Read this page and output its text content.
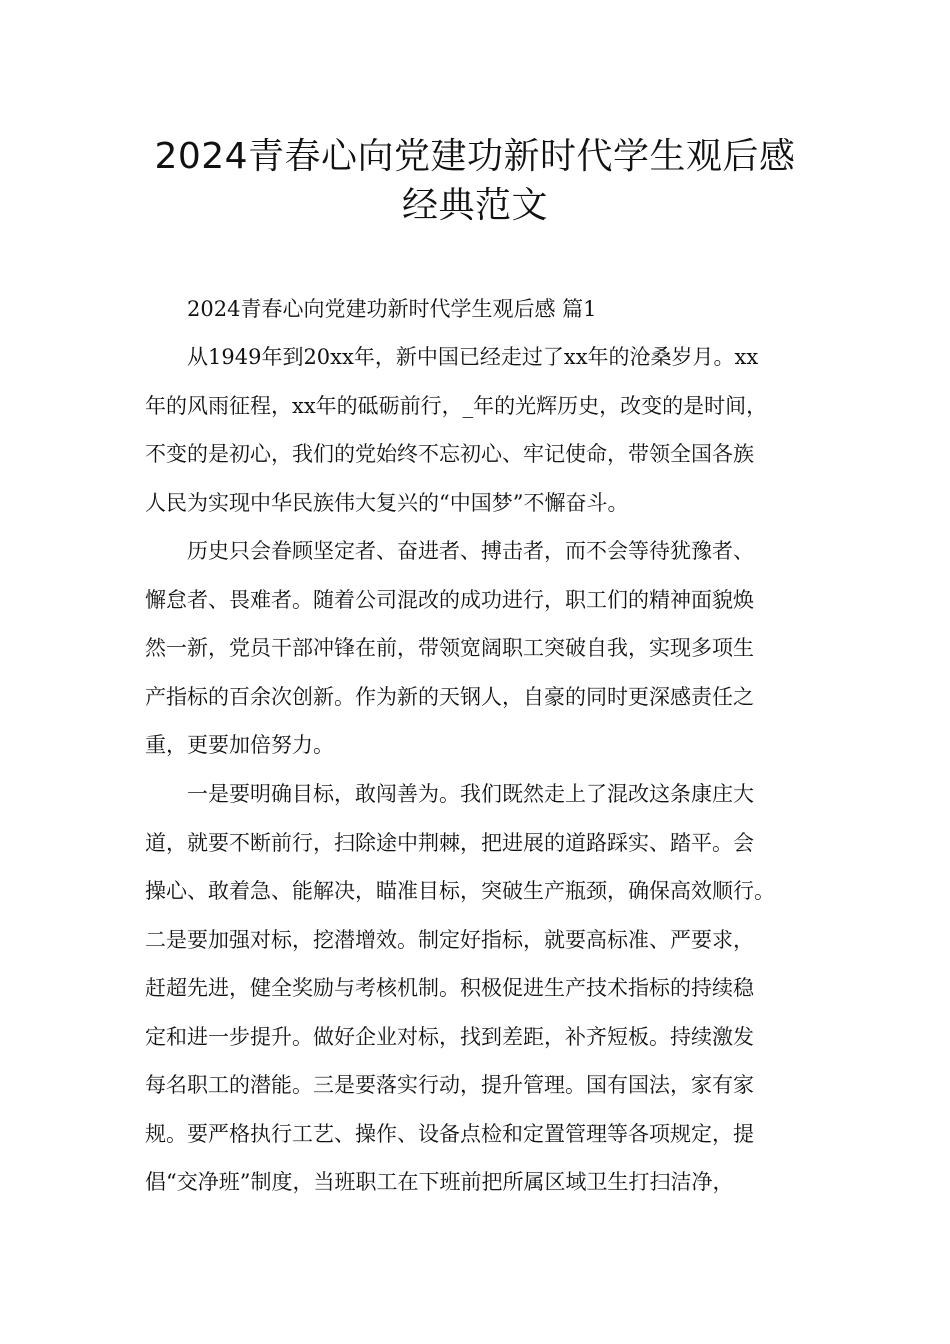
2024青春心向党建功新时代学生观后感
经典范文
2024青春心向党建功新时代学生观后感 篇1
从1949年到20xx年，新中国已经走过了xx年的沧桑岁月。xx
年的风雨征程，xx年的砥砺前行，_年的光辉历史，改变的是时间，
不变的是初心，我们的党始终不忘初心、牢记使命，带领全国各族
人民为实现中华民族伟大复兴的“中国梦”不懈奋斗。
历史只会眷顾坚定者、奋进者、搏击者，而不会等待犹豫者、
懈怠者、畏难者。随着公司混改的成功进行，职工们的精神面貌焕
然一新，党员干部冲锋在前，带领宽阔职工突破自我，实现多项生
产指标的百余次创新。作为新的天钢人，自豪的同时更深感责任之
重，更要加倍努力。
一是要明确目标，敢闯善为。我们既然走上了混改这条康庄大
道，就要不断前行，扫除途中荆棘，把进展的道路踩实、踏平。会
操心、敢着急、能解决，瞄准目标，突破生产瓶颈，确保高效顺行。
二是要加强对标，挖潜增效。制定好指标，就要高标准、严要求，
赶超先进，健全奖励与考核机制。积极促进生产技术指标的持续稳
定和进一步提升。做好企业对标，找到差距，补齐短板。持续激发
每名职工的潜能。三是要落实行动，提升管理。国有国法，家有家
规。要严格执行工艺、操作、设备点检和定置管理等各项规定，提
倡“交净班”制度，当班职工在下班前把所属区域卫生打扫洁净，
